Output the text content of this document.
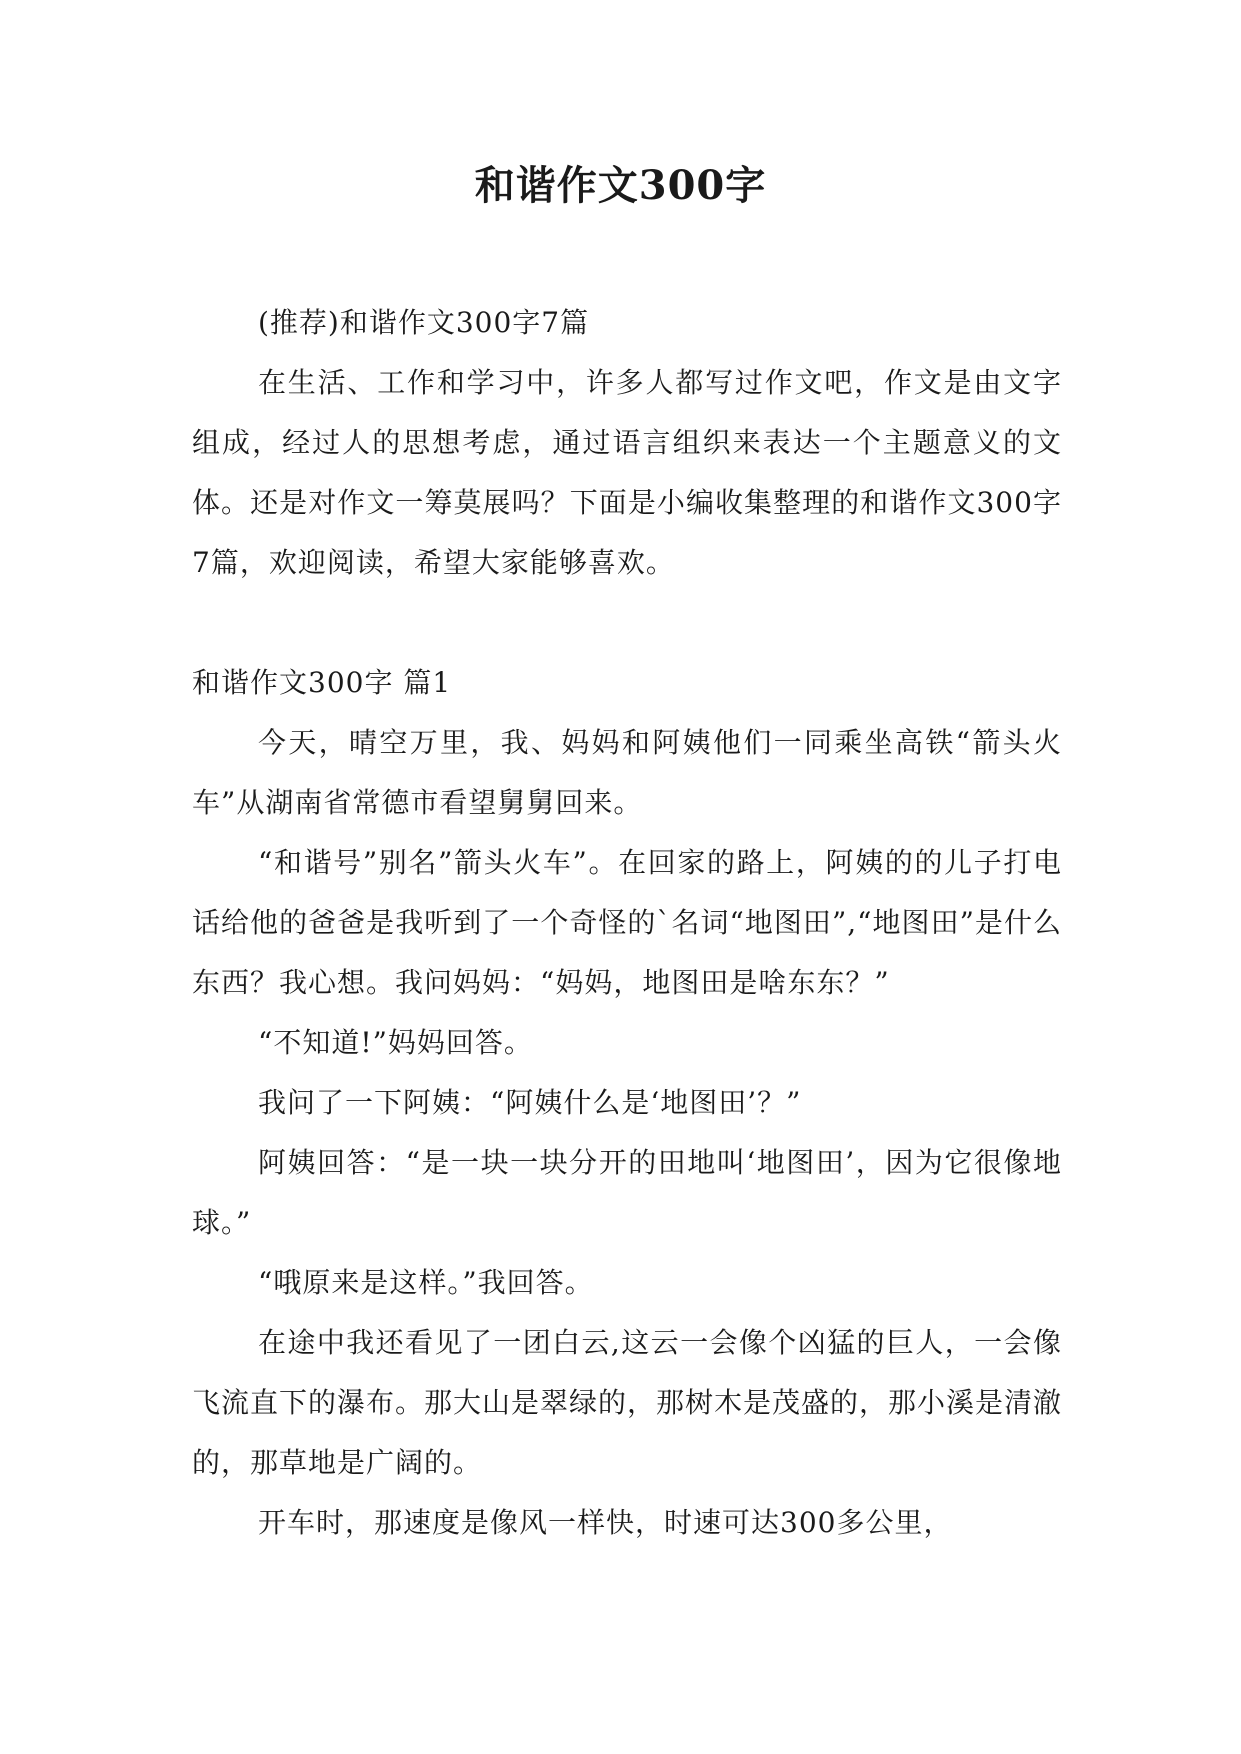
和谐作文300字

(推荐)和谐作文300字7篇

在生活、工作和学习中，许多人都写过作文吧，作文是由文字组成，经过人的思想考虑，通过语言组织来表达一个主题意义的文体。还是对作文一筹莫展吗？下面是小编收集整理的和谐作文300字7篇，欢迎阅读，希望大家能够喜欢。

和谐作文300字 篇1

今天，晴空万里，我、妈妈和阿姨他们一同乘坐高铁“箭头火车”从湖南省常德市看望舅舅回来。

“和谐号”别名”箭头火车”。在回家的路上，阿姨的的儿子打电话给他的爸爸是我听到了一个奇怪的`名词“地图田”,“地图田”是什么东西？我心想。我问妈妈：“妈妈，地图田是啥东东？”

“不知道!”妈妈回答。

我问了一下阿姨：“阿姨什么是‘地图田’？”

阿姨回答：“是一块一块分开的田地叫‘地图田’，因为它很像地球。”

“哦原来是这样。”我回答。

在途中我还看见了一团白云,这云一会像个凶猛的巨人，一会像飞流直下的瀑布。那大山是翠绿的，那树木是茂盛的，那小溪是清澈的，那草地是广阔的。

开车时，那速度是像风一样快，时速可达300多公里，
